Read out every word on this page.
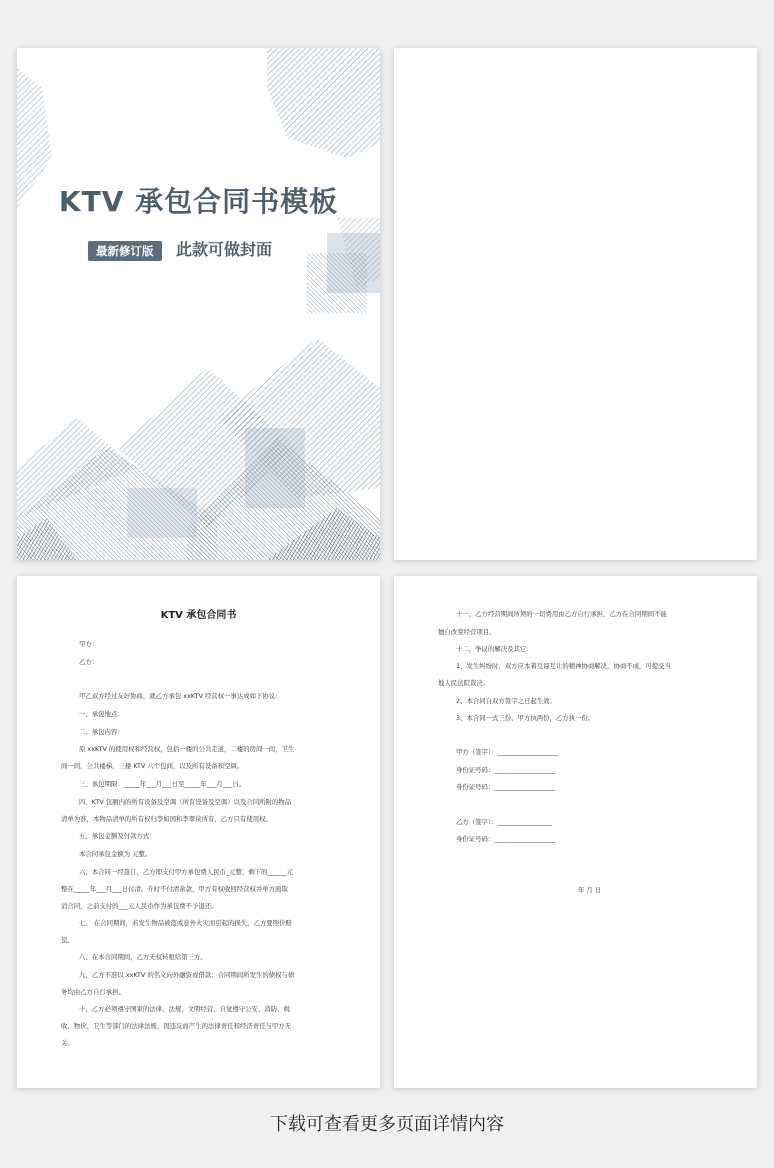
KTV 承包合同书模板
最新修订版	此款可做封面
KTV 承包合同书
甲方：
乙方：
甲乙双方经过友好协商，就乙方承包 xxKTV 经营权一事达成如下协议：
一、承包地点：
二、承包内容：
原 xxKTV 的使用权和经营权，包括一楼的公共走道，二楼的房间一间，卫生
间一间，公共楼梯，三楼 KTV 八个包间，以及所有设备和空调。
三、承包期限：_____年___月___日至_____年___月___日。
四、KTV 包厢内的所有设备及空调（所有设备及空调）以及合同所附的物品
清单为准，本物品清单的所有权归李如国和李翠侠所有，乙方只有使用权。
五、承包金额及付款方式：
本合同承包金额为 元整。
六、本合同一经签订，乙方即支付甲方承包费人民币_元整，剩下的______元
整在_____年___月___日付清。介时不付清余款，甲方有权收回经营权并单方面取
消合同，之前支付的___元人民币作为承包费不予退还。
七、 在合同期间，若发生物品被盗或意外火灾而引起的损失，乙方要照价赔
偿。
八、在本合同期间，乙方无权转租给第三方。
九、乙方不准以 xxKTV 的名义向外融资或借款；合同期间所发生的债权与债
务均由乙方自行承担。
十、乙方必须遵守国家的法律、法规，文明经营，自觉遵守公安、消防、税
收、物价、卫生等部门的法律法规，因违反而产生的法律责任和经济责任与甲方无
关。
十一、乙方经营期间所须的一切费用由乙方自行承担，乙方在合同期间不能
擅自改变经营项目。
十二、争议的解决及其它：
1、发生纠纷时，双方应本着互谅互让的精神协商解决，协商不成，可提交当
地人民法院裁决；
2、本合同自双方签字之日起生效；
3、本合同一式三份，甲方执两份，乙方执一份。
甲方（签字）：___________________
身份证号码：___________________
身份证号码：___________________
乙方（签字）：_________________
身份证号码：___________________
年 月 日
下载可查看更多页面详情内容
